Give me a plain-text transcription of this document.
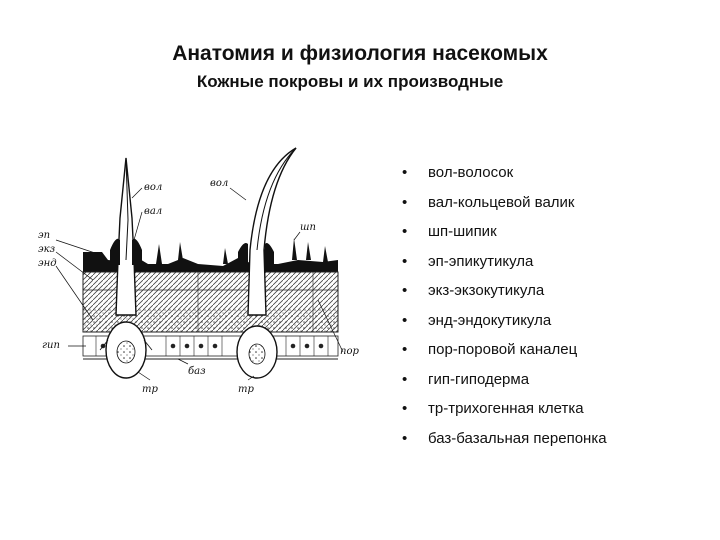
Анатомия и физиология насекомых
Кожные покровы и их производные
вол
вал
эп
экз
энд
гип
тр
баз
вол
тр
шп
пор
• вол-волосок
• вал-кольцевой валик
• шп-шипик
• эп-эпикутикула
• экз-экзокутикула
• энд-эндокутикула
• пор-поровой каналец
• гип-гиподерма
• тр-трихогенная клетка
• баз-базальная перепонка
